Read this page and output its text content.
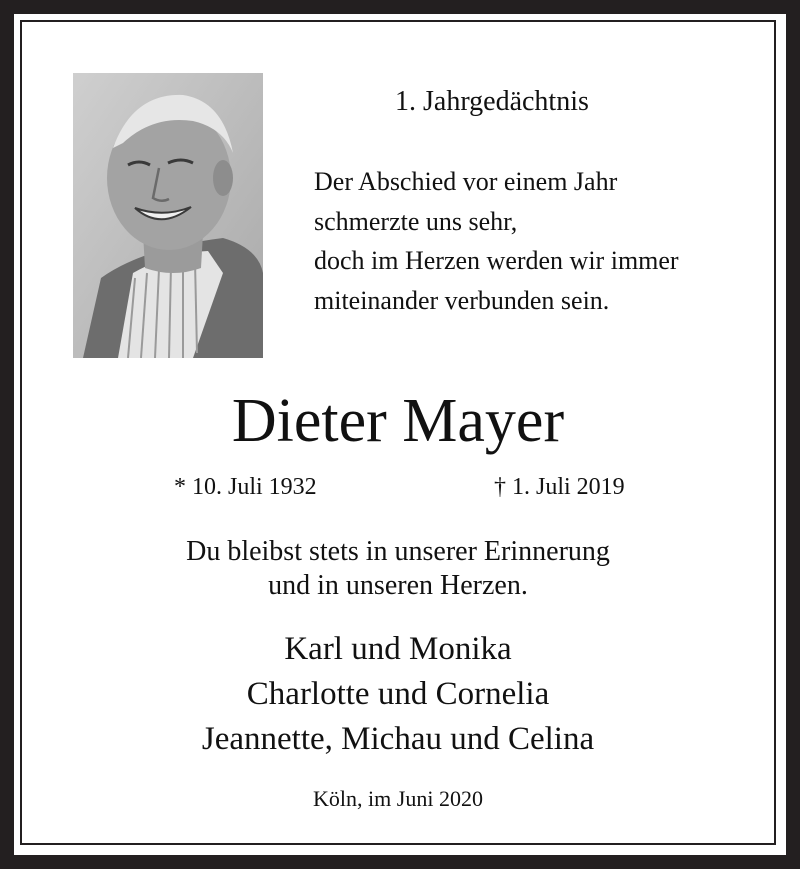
1. Jahrgedächtnis
Der Abschied vor einem Jahr
schmerzte uns sehr,
doch im Herzen werden wir immer
miteinander verbunden sein.
Dieter Mayer
* 10. Juli 1932	† 1. Juli 2019
Du bleibst stets in unserer Erinnerung
und in unseren Herzen.
Karl und Monika
Charlotte und Cornelia
Jeannette, Michau und Celina
Köln, im Juni 2020
